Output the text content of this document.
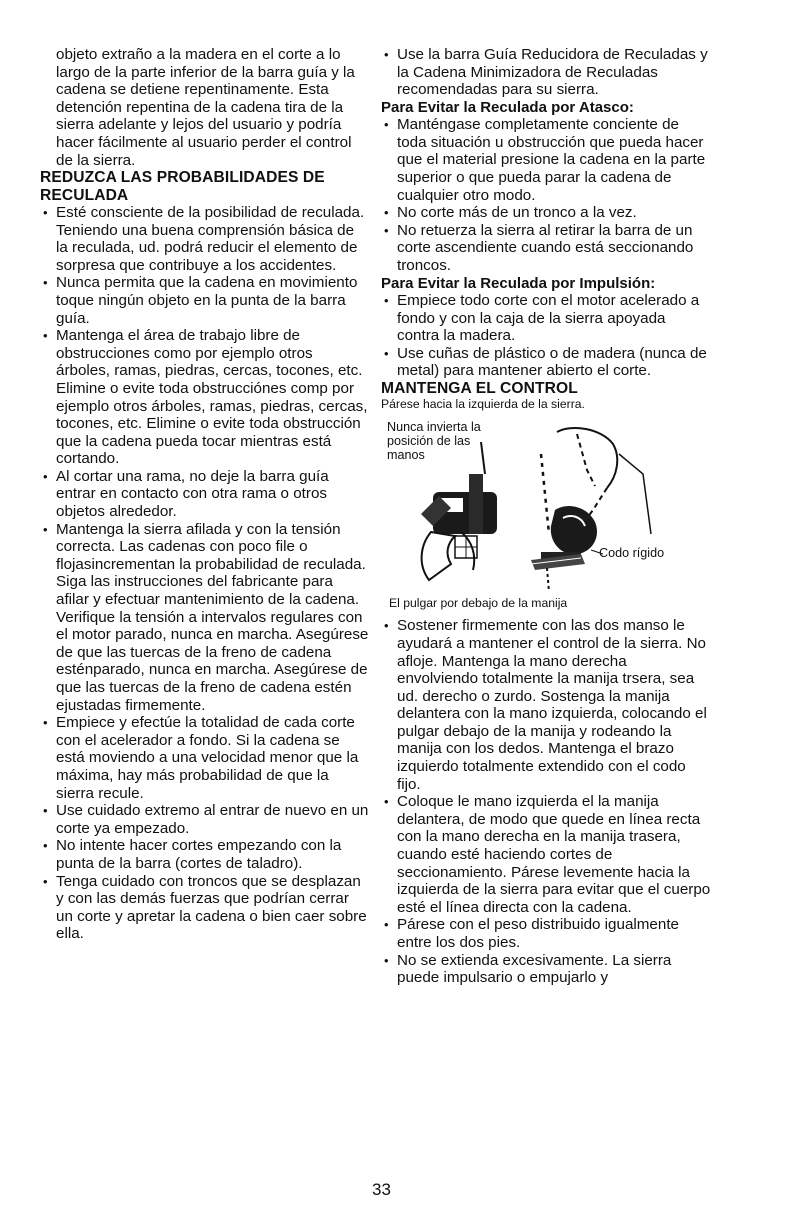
objeto extraño a la madera en el corte a lo largo de la parte inferior de la barra guía y la cadena se detiene repentinamente. Esta detención repentina de la cadena tira de la sierra adelante y lejos del usuario y podría hacer fácilmente al usuario perder el control de la sierra.

REDUZCA LAS PROBABILIDADES DE RECULADA

• Esté consciente de la posibilidad de reculada. Teniendo una buena comprensión básica de la reculada, ud. podrá reducir el elemento de sorpresa que contribuye a los accidentes.
• Nunca permita que la cadena en movimiento toque ningún objeto en la punta de la barra guía.
• Mantenga el área de trabajo libre de obstrucciones como por ejemplo otros árboles, ramas, piedras, cercas, tocones, etc. Elimine o evite toda obstrucciónes comp por ejemplo otros árboles, ramas, piedras, cercas, tocones, etc. Elimine o evite toda obstrucción que la cadena pueda tocar mientras está cortando.
• Al cortar una rama, no deje la barra guía entrar en contacto con otra rama o otros objetos alrededor.
• Mantenga la sierra afilada y con la tensión correcta. Las cadenas con poco file o flojasincrementan la probabilidad de reculada. Siga las instrucciones del fabricante para afilar y efectuar mantenimiento de la cadena. Verifique la tensión a intervalos regulares con el motor parado, nunca en marcha. Asegúrese de que las tuercas de la freno de cadena esténparado, nunca en marcha. Asegúrese de que las tuercas de la freno de cadena estén ejustadas firmemente.
• Empiece y efectúe la totalidad de cada corte con el acelerador a fondo. Si la cadena se está moviendo a una velocidad menor que la máxima, hay más probabilidad de que la sierra recule.
• Use cuidado extremo al entrar de nuevo en un corte ya empezado.
• No intente hacer cortes empezando con la punta de la barra (cortes de taladro).
• Tenga cuidado con troncos que se desplazan y con las demás fuerzas que podrían cerrar un corte y apretar la cadena o bien caer sobre ella.
• Use la barra Guía Reducidora de Reculadas y la Cadena Minimizadora de Reculadas recomendadas para su sierra.

Para Evitar la Reculada por Atasco:

• Manténgase completamente conciente de toda situación u obstrucción que pueda hacer que el material presione la cadena en la parte superior o que pueda parar la cadena de cualquier otro modo.
• No corte más de un tronco a la vez.
• No retuerza la sierra al retirar la barra de un corte ascendiente cuando está seccionando troncos.

Para Evitar la Reculada por Impulsión:

• Empiece todo corte con el motor acelerado a fondo y con la caja de la sierra apoyada contra la madera.
• Use cuñas de plástico o de madera (nunca de metal) para mantener abierto el corte.

MANTENGA EL CONTROL

Párese hacia la izquierda de la sierra.

Nunca invierta la posición de las manos
Codo rígido

El pulgar por debajo de la manija

• Sostener firmemente con las dos manso le ayudará a mantener el control de la sierra. No afloje. Mantenga la mano derecha envolviendo totalmente la manija trsera, sea ud. derecho o zurdo. Sostenga la manija delantera con la mano izquierda, colocando el pulgar debajo de la manija y rodeando la manija con los dedos. Mantenga el brazo izquierdo totalmente extendido con el codo fijo.
• Coloque le mano izquierda el la manija delantera, de modo que quede en línea recta con la mano derecha en la manija trasera, cuando esté haciendo cortes de seccionamiento. Párese levemente hacia la izquierda de la sierra para evitar que el cuerpo esté el línea directa con la cadena.
• Párese con el peso distribuido igualmente entre los dos pies.
• No se extienda excesivamente. La sierra puede impulsario o empujarlo y
33
